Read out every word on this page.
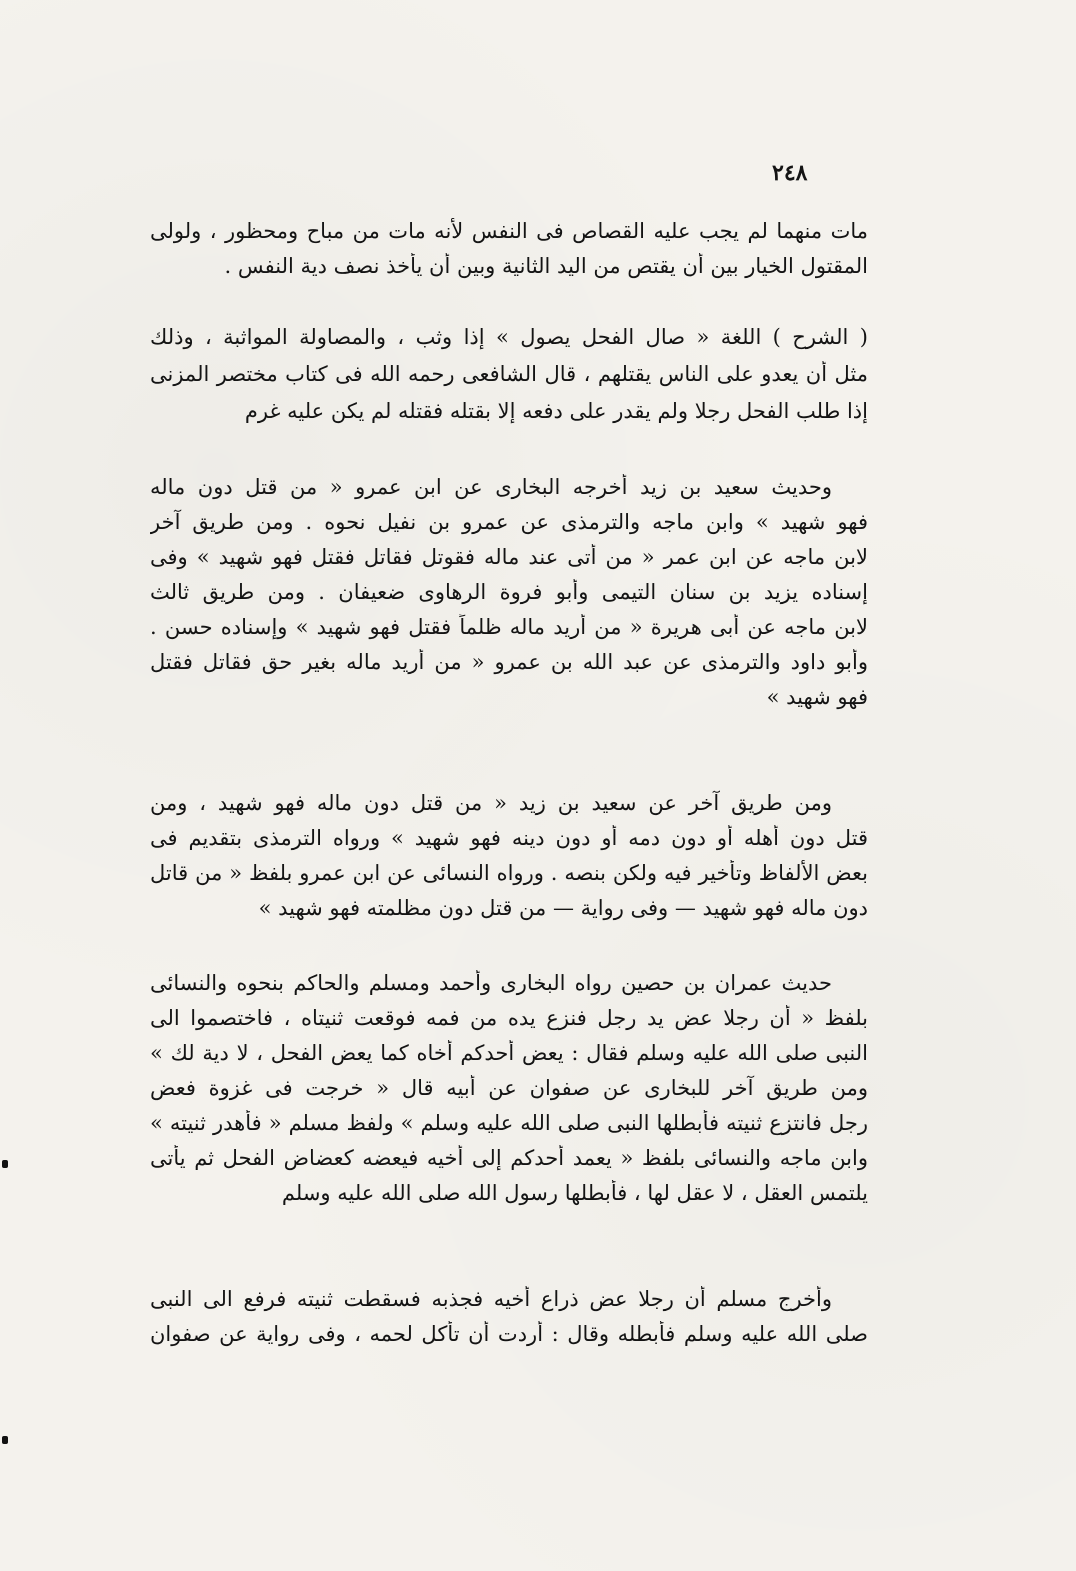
٢٤٨
مات منهما لم يجب عليه القصاص فى النفس لأنه مات من مباح ومحظور ، ولولى
المقتول الخيار بين أن يقتص من اليد الثانية وبين أن يأخذ نصف دية النفس .
( الشرح ) اللغة « صال الفحل يصول » إذا وثب ، والمصاولة المواثبة ، وذلك
مثل أن يعدو على الناس يقتلهم ، قال الشافعى رحمه الله فى كتاب مختصر المزنى
إذا طلب الفحل رجلا ولم يقدر على دفعه إلا بقتله فقتله لم يكن عليه غرم
وحديث سعيد بن زيد أخرجه البخارى عن ابن عمرو « من قتل دون ماله
فهو شهيد » وابن ماجه والترمذى عن عمرو بن نفيل نحوه . ومن طريق آخر
لابن ماجه عن ابن عمر « من أتى عند ماله فقوتل فقاتل فقتل فهو شهيد » وفى
إسناده يزيد بن سنان التيمى وأبو فروة الرهاوى ضعيفان . ومن طريق ثالث
لابن ماجه عن أبى هريرة « من أريد ماله ظلماً فقتل فهو شهيد » وإسناده حسن .
وأبو داود والترمذى عن عبد الله بن عمرو « من أريد ماله بغير حق فقاتل فقتل
فهو شهيد »
ومن طريق آخر عن سعيد بن زيد « من قتل دون ماله فهو شهيد ، ومن
قتل دون أهله أو دون دمه أو دون دينه فهو شهيد » ورواه الترمذى بتقديم فى
بعض الألفاظ وتأخير فيه ولكن بنصه . ورواه النسائى عن ابن عمرو بلفظ « من قاتل
دون ماله فهو شهيد — وفى رواية — من قتل دون مظلمته فهو شهيد »
حديث عمران بن حصين رواه البخارى وأحمد ومسلم والحاكم بنحوه والنسائى
بلفظ « أن رجلا عض يد رجل فنزع يده من فمه فوقعت ثنيتاه ، فاختصموا الى
النبى صلى الله عليه وسلم فقال : يعض أحدكم أخاه كما يعض الفحل ، لا دية لك »
ومن طريق آخر للبخارى عن صفوان عن أبيه قال « خرجت فى غزوة فعض
رجل فانتزع ثنيته فأبطلها النبى صلى الله عليه وسلم » ولفظ مسلم « فأهدر ثنيته »
وابن ماجه والنسائى بلفظ « يعمد أحدكم إلى أخيه فيعضه كعضاض الفحل ثم يأتى
يلتمس العقل ، لا عقل لها ، فأبطلها رسول الله صلى الله عليه وسلم
وأخرج مسلم أن رجلا عض ذراع أخيه فجذبه فسقطت ثنيته فرفع الى النبى
صلى الله عليه وسلم فأبطله وقال : أردت أن تأكل لحمه ، وفى رواية عن صفوان
